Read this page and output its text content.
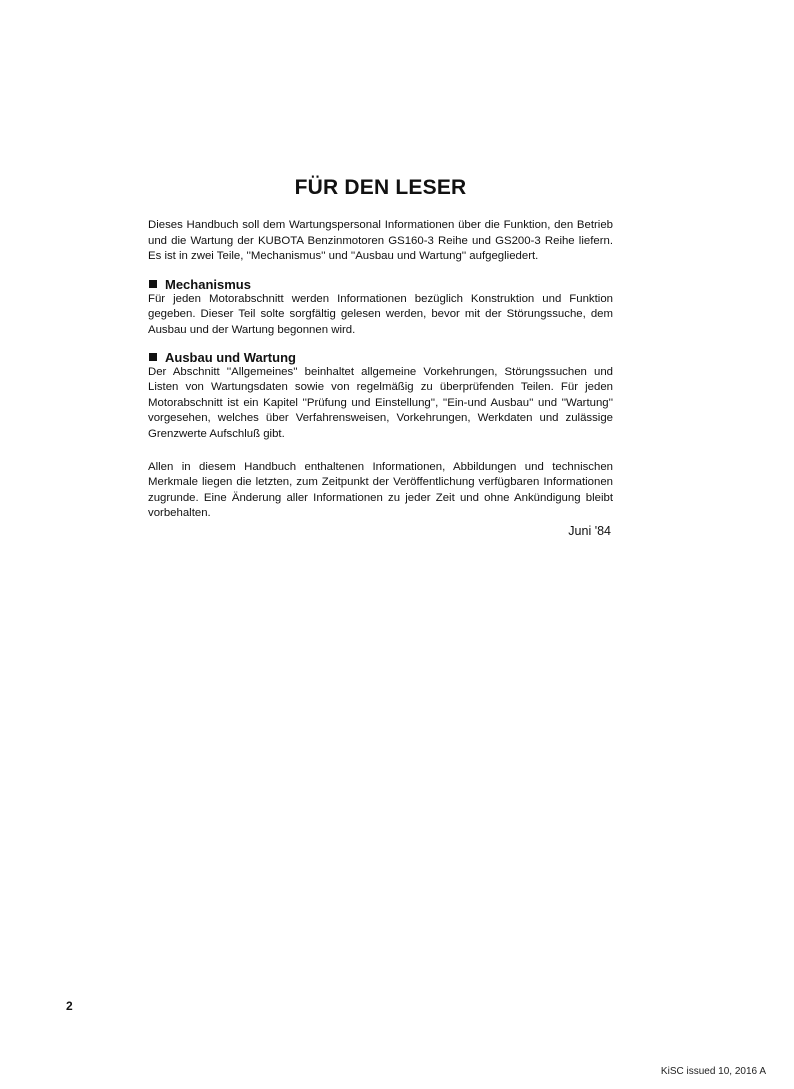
FÜR DEN LESER

Dieses Handbuch soll dem Wartungspersonal Informationen über die Funktion, den Betrieb und die Wartung der KUBOTA Benzinmotoren GS160-3 Reihe und GS200-3 Reihe liefern. Es ist in zwei Teile, ''Mechanismus'' und ''Ausbau und Wartung'' aufgegliedert.

Mechanismus

Für jeden Motorabschnitt werden Informationen bezüglich Konstruktion und Funktion gegeben. Dieser Teil solte sorgfältig gelesen werden, bevor mit der Störungssuche, dem Ausbau und der Wartung begonnen wird.

Ausbau und Wartung

Der Abschnitt ''Allgemeines'' beinhaltet allgemeine Vorkehrungen, Störungssuchen und Listen von Wartungsdaten sowie von regelmäßig zu überprüfenden Teilen. Für jeden Motorabschnitt ist ein Kapitel ''Prüfung und Einstellung'', ''Ein-und Ausbau'' und ''Wartung'' vorgesehen, welches über Verfahrensweisen, Vorkehrungen, Werkdaten und zulässige Grenzwerte Aufschluß gibt.

Allen in diesem Handbuch enthaltenen Informationen, Abbildungen und technischen Merkmale liegen die letzten, zum Zeitpunkt der Veröffentlichung verfügbaren Informationen zugrunde. Eine Änderung aller Informationen zu jeder Zeit und ohne Ankündigung bleibt vorbehalten.

Juni '84

2

KiSC issued 10, 2016 A
